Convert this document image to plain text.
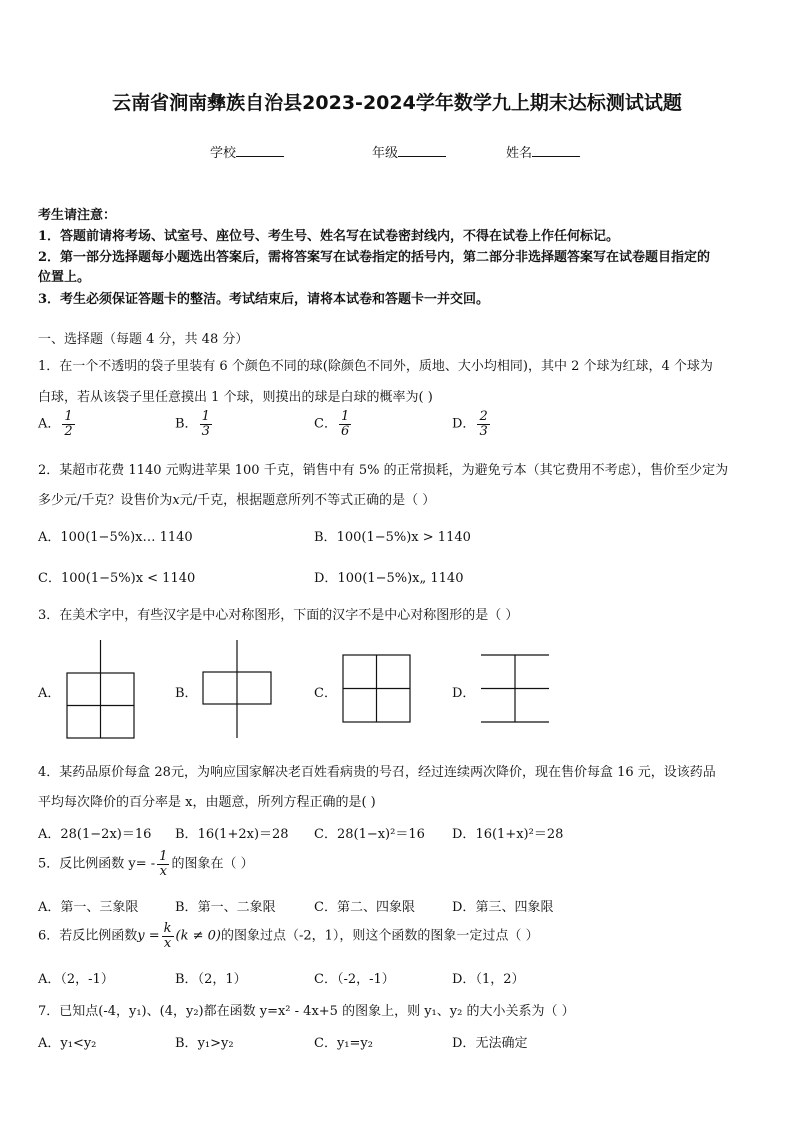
云南省涧南彝族自治县2023-2024学年数学九上期末达标测试试题
学校	年级	姓名
考生请注意：
1．答题前请将考场、试室号、座位号、考生号、姓名写在试卷密封线内，不得在试卷上作任何标记。
2．第一部分选择题每小题选出答案后，需将答案写在试卷指定的括号内，第二部分非选择题答案写在试卷题目指定的
位置上。
3．考生必须保证答题卡的整洁。考试结束后，请将本试卷和答题卡一并交回。
一、选择题（每题 4 分，共 48 分）
1．在一个不透明的袋子里装有 6 个颜色不同的球(除颜色不同外，质地、大小均相同)，其中 2 个球为红球，4 个球为
白球，若从该袋子里任意摸出 1 个球，则摸出的球是白球的概率为( )
A． $\frac{1}{2}$	B． $\frac{1}{3}$	C． $\frac{1}{6}$	D． $\frac{2}{3}$
2．某超市花费 1140 元购进苹果 100 千克，销售中有 5% 的正常损耗，为避免亏本（其它费用不考虑），售价至少定为
多少元/千克？设售价为x元/千克，根据题意所列不等式正确的是（ ）
A．100(1−5%)x… 1140	B．100(1−5%)x > 1140
C．100(1−5%)x < 1140	D．100(1−5%)x„ 1140
3．在美术字中，有些汉字是中心对称图形，下面的汉字不是中心对称图形的是（ ）
A．	B．	C．	D．
4．某药品原价每盒 28元，为响应国家解决老百姓看病贵的号召，经过连续两次降价，现在售价每盒 16 元，设该药品
平均每次降价的百分率是 x，由题意，所列方程正确的是( )
A．28(1−2x)＝16 B．16(1+2x)＝28 C．28(1−x)²＝16 D．16(1+x)²＝28
5．反比例函数 $y= - \frac{1}{x}$ 的图象在（ ）
A．第一、三象限	B．第一、二象限	C．第二、四象限	D．第三、四象限
6．若反比例函数$y = \frac{k}{x} (k \ne 0)$的图象过点（-2，1），则这个函数的图象一定过点（ ）
A．（2，-1）	B．（2，1）	C．（-2，-1）	D．（1，2）
7．已知点(-4，y₁)、(4，y₂)都在函数 y=x² - 4x+5 的图象上，则 y₁、y₂ 的大小关系为（ ）
A．y₁<y₂	B．y₁>y₂	C．y₁=y₂	D．无法确定
